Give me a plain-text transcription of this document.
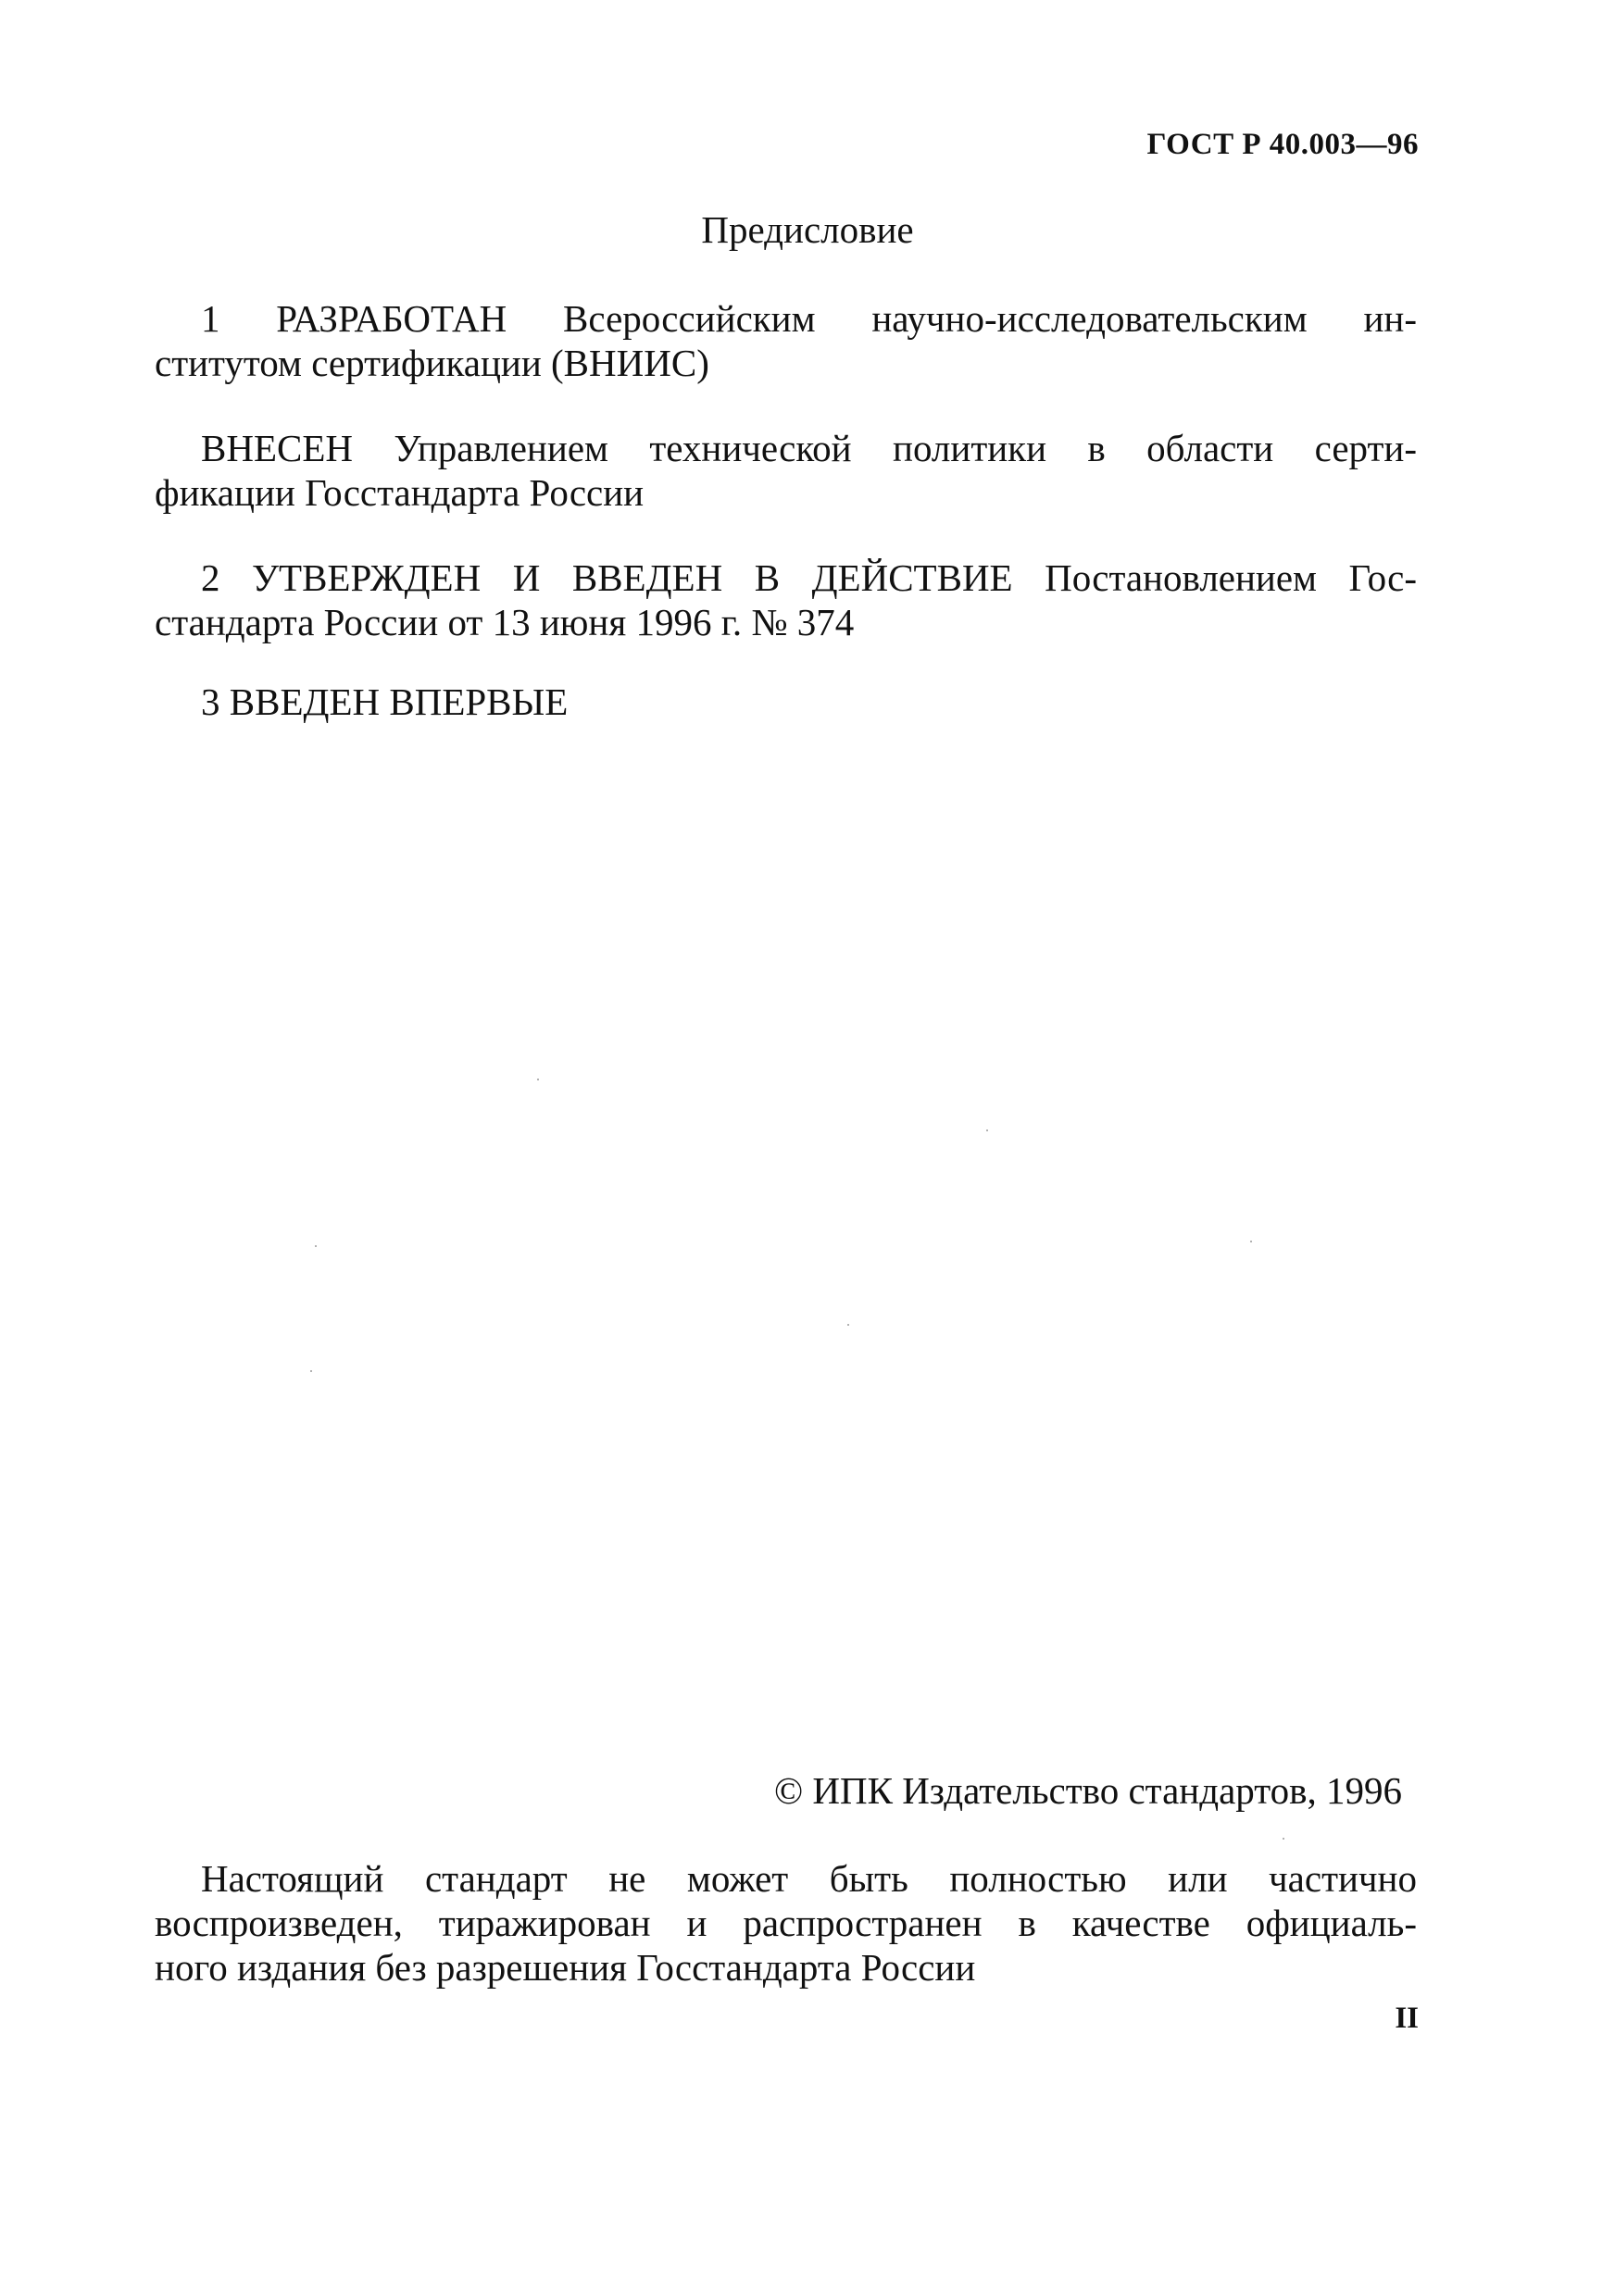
ГОСТ Р 40.003—96
Предисловие
1 РАЗРАБОТАН Всероссийским научно-исследовательским ин-
ститутом сертификации (ВНИИС)
ВНЕСЕН Управлением технической политики в области серти-
фикации Госстандарта России
2 УТВЕРЖДЕН И ВВЕДЕН В ДЕЙСТВИЕ Постановлением Гос-
стандарта России от 13 июня 1996 г. № 374
3 ВВЕДЕН ВПЕРВЫЕ
© ИПК Издательство стандартов, 1996
Настоящий стандарт не может быть полностью или частично
воспроизведен, тиражирован и распространен в качестве официаль-
ного издания без разрешения Госстандарта России
II
